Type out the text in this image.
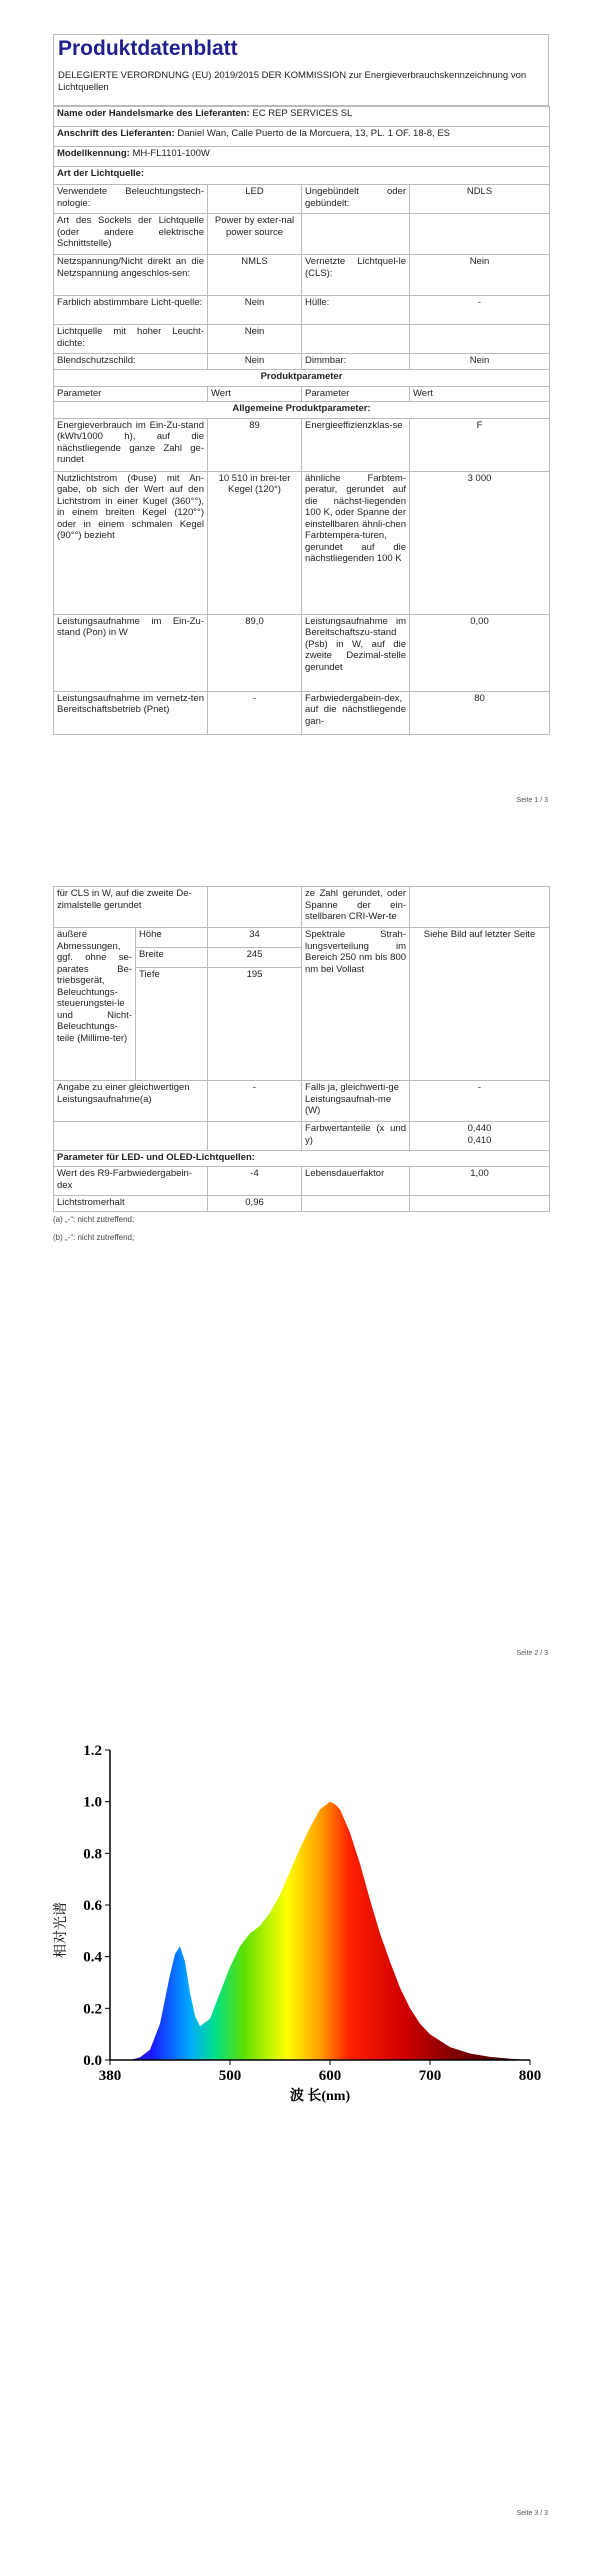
Produktdatenblatt
DELEGIERTE VERORDNUNG (EU) 2019/2015 DER KOMMISSION zur Energieverbrauchskennzeichnung von Lichtquellen
Name oder Handelsmarke des Lieferanten: EC REP SERVICES SL			
Anschrift des Lieferanten: Daniel Wan, Calle Puerto de la Morcuera, 13, PL. 1 OF. 18-8, ES			
Modellkennung: MH-FL1101-100W			
Art der Lichtquelle:			
Verwendete Beleuchtungstech-nologie:	LED	Ungebündelt oder gebündelt:	NDLS
Art des Sockels der Lichtquelle (oder andere elektrische Schnittstelle)	Power by exter-nal power source		
Netzspannung/Nicht direkt an die Netzspannung angeschlos-sen:	NMLS	Vernetzte Lichtquel-le (CLS):	Nein
Farblich abstimmbare Licht-quelle:	Nein	Hülle:	-
Lichtquelle mit hoher Leucht-dichte:	Nein		
Blendschutzschild:	Nein	Dimmbar:	Nein
Produktparameter			
Parameter	Wert	Parameter	Wert
Allgemeine Produktparameter:			
Energieverbrauch im Ein-Zu-stand (kWh/1000 h), auf die nächstliegende ganze Zahl ge-rundet	89	Energieeffizienzklas-se	F
Nutzlichtstrom (Φuse) mit An-gabe, ob sich der Wert auf den Lichtstrom in einer Kugel (360°°), in einem breiten Kegel (120°°) oder in einem schmalen Kegel (90°°) bezieht	10 510 in brei-ter Kegel (120°)	ähnliche Farbtem-peratur, gerundet auf die nächst-liegenden 100 K, oder Spanne der einstellbaren ähnli-chen Farbtempera-turen, gerundet auf die nächstliegenden 100 K	3 000
Leistungsaufnahme im Ein-Zu-stand (Pon) in W	89,0	Leistungsaufnahme im Bereitschaftszu-stand (Psb) in W, auf die zweite Dezimal-stelle gerundet	0,00
Leistungsaufnahme im vernetz-ten Bereitschaftsbetrieb (Pnet)	-	Farbwiedergabein-dex, auf die nächstliegende gan-	80
Seite 1 / 3
für CLS in W, auf die zweite De-zimalstelle gerundet			ze Zahl gerundet, oder Spanne der ein-stellbaren CRI-Wer-te	
äußere Abmessungen, ggf. ohne se-parates Be-triebsgerät, Beleuchtungs-steuerungstei-le und Nicht-Beleuchtungs-teile (Millime-ter)	Höhe	34	Spektrale Strah-lungsverteilung im Bereich 250 nm bis 800 nm bei Vollast	Siehe Bild auf letzter Seite
	Breite	245		
	Tiefe	195		
Angabe zu einer gleichwertigen Leistungsaufnahme(a)		-	Falls ja, gleichwerti-ge Leistungsaufnah-me (W)	-
			Farbwertanteile (x und y)	0,440
0,410

Parameter für LED- und OLED-Lichtquellen:				
Wert des R9-Farbwiedergabein-dex		-4	Lebensdauerfaktor	1,00
Lichtstromerhalt		0,96		
(a) „-“: nicht zutreffend;
(b) „-“: nicht zutreffend;
Seite 2 / 3
0.0
0.2
0.4
0.6
0.8
1.0
1.2
380	500	600	700	800
相对光谱
波 长(nm)
Seite 3 / 3
